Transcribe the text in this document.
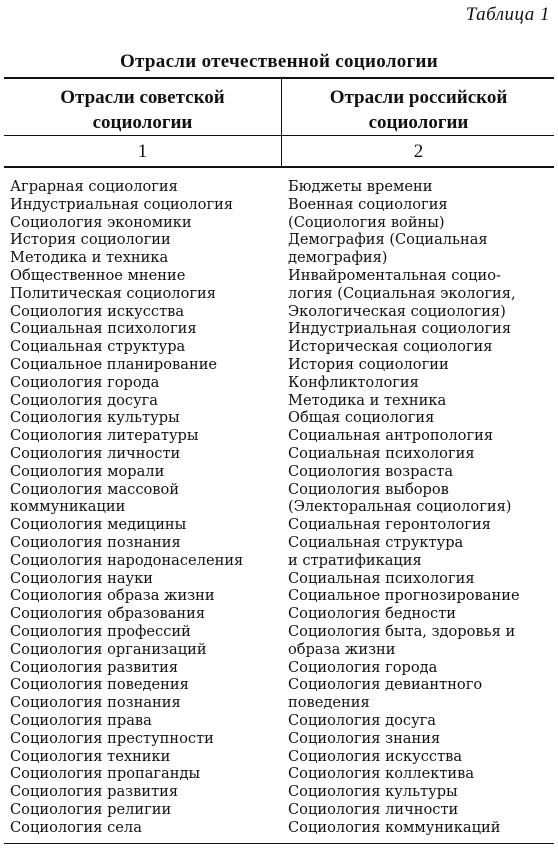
Таблица 1
Отрасли отечественной социологии
Отрасли советской
социологии
Отрасли российской
социологии
1	2
Аграрная социология
Индустриальная социология
Социология экономики
История социологии
Методика и техника
Общественное мнение
Политическая социология
Социология искусства
Социальная психология
Социальная структура
Социальное планирование
Социология города
Социология досуга
Социология культуры
Социология литературы
Социология личности
Социология морали
Социология массовой
коммуникации
Социология медицины
Социология познания
Социология народонаселения
Социология науки
Социология образа жизни
Социология образования
Социология профессий
Социология организаций
Социология развития
Социология поведения
Социология познания
Социология права
Социология преступности
Социология техники
Социология пропаганды
Социология развития
Социология религии
Социология села
Бюджеты времени
Военная социология
(Социология войны)
Демография (Социальная
демография)
Инвайроментальная социо-
логия (Социальная экология,
Экологическая социология)
Индустриальная социология
Историческая социология
История социологии
Конфликтология
Методика и техника
Общая социология
Социальная антропология
Социальная психология
Социология возраста
Социология выборов
(Электоральная социология)
Социальная геронтология
Социальная структура
и стратификация
Социальная психология
Социальное прогнозирование
Социология бедности
Социология быта, здоровья и
образа жизни
Социология города
Социология девиантного
поведения
Социология досуга
Социология знания
Социология искусства
Социология коллектива
Социология культуры
Социология личности
Социология коммуникаций
